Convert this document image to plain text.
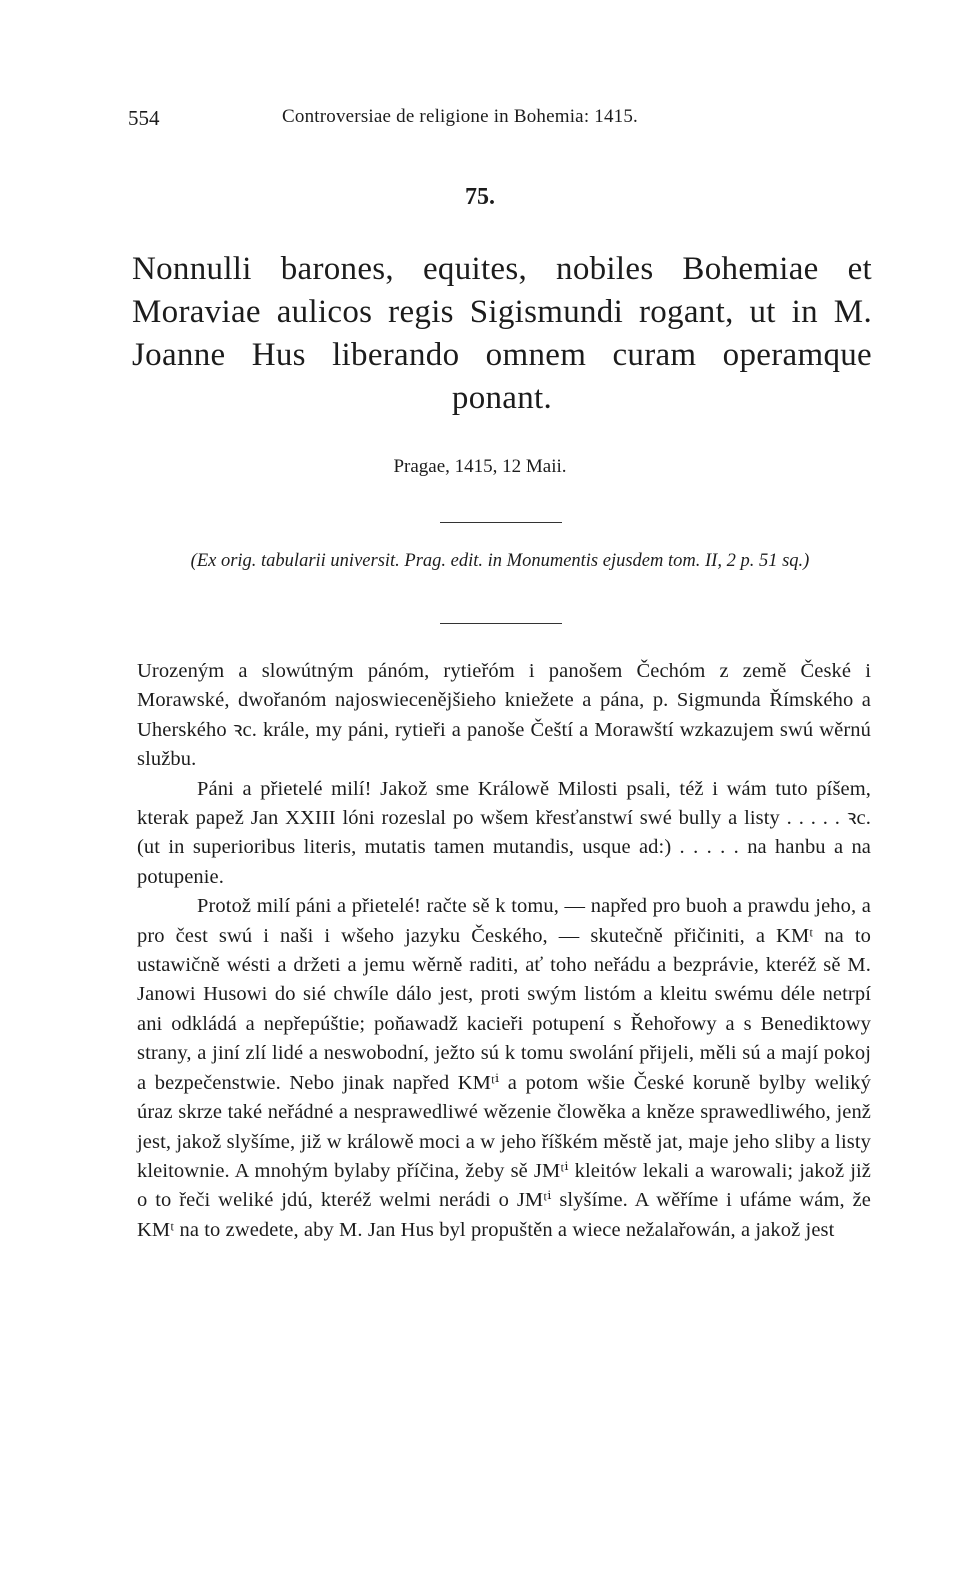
554	Controversiae de religione in Bohemia: 1415.
75.
Nonnulli barones, equites, nobiles Bohemiae et Moraviae aulicos regis Sigismundi rogant, ut in M. Joanne Hus liberando omnem curam operamque ponant.
Pragae, 1415, 12 Maii.
(Ex orig. tabularii universit. Prag. edit. in Monumentis ejusdem tom. II, 2 p. 51 sq.)

Urozeným a slowútným pánóm, rytieřóm i panošem Čechóm z země České i Morawské, dwořanóm najoswiecenějšieho kniežete a pána, p. Sigmunda Římského a Uherského ꝛc. krále, my páni, rytieři a panoše Čeští a Morawští wzkazujem swú wěrnú službu.

Páni a přietelé milí! Jakož sme Králowě Milosti psali, též i wám tuto píšem, kterak papež Jan XXIII lóni rozeslal po wšem křesťanstwí swé bully a listy . . . . . ꝛc. (ut in superioribus literis, mutatis tamen mutandis, usque ad:) . . . . . na hanbu a na potupenie.

Protož milí páni a přietelé! račte sě k tomu, — napřed pro buoh a prawdu jeho, a pro čest swú i naši i wšeho jazyku Českého, — skutečně přičiniti, a KMᵗ na to ustawičně wésti a držeti a jemu wěrně raditi, ať toho neřádu a bezprávie, kteréž sě M. Janowi Husowi do sié chwíle dálo jest, proti swým listóm a kleitu swému déle netrpí ani odkládá a nepřepúštie; poňawadž kacieři potupení s Řehořowy a s Benediktowy strany, a jiní zlí lidé a neswobodní, ježto sú k tomu swolání přijeli, měli sú a mají pokoj a bezpečenstwie. Nebo jinak napřed KMᵗⁱ a potom wšie České koruně bylby weliký úraz skrze také neřádné a nesprawedliwé wězenie člowěka a kněze sprawedliwého, jenž jest, jakož slyšíme, již w králowě moci a w jeho říškém městě jat, maje jeho sliby a listy kleitownie. A mnohým bylaby příčina, žeby sě JMᵗⁱ kleitów lekali a warowali; jakož již o to řeči weliké jdú, kteréž welmi nerádi o JMᵗⁱ slyšíme. A wěříme i ufáme wám, že KMᵗ na to zwedete, aby M. Jan Hus byl propuštěn a wiece nežalařowán, a jakož jest
